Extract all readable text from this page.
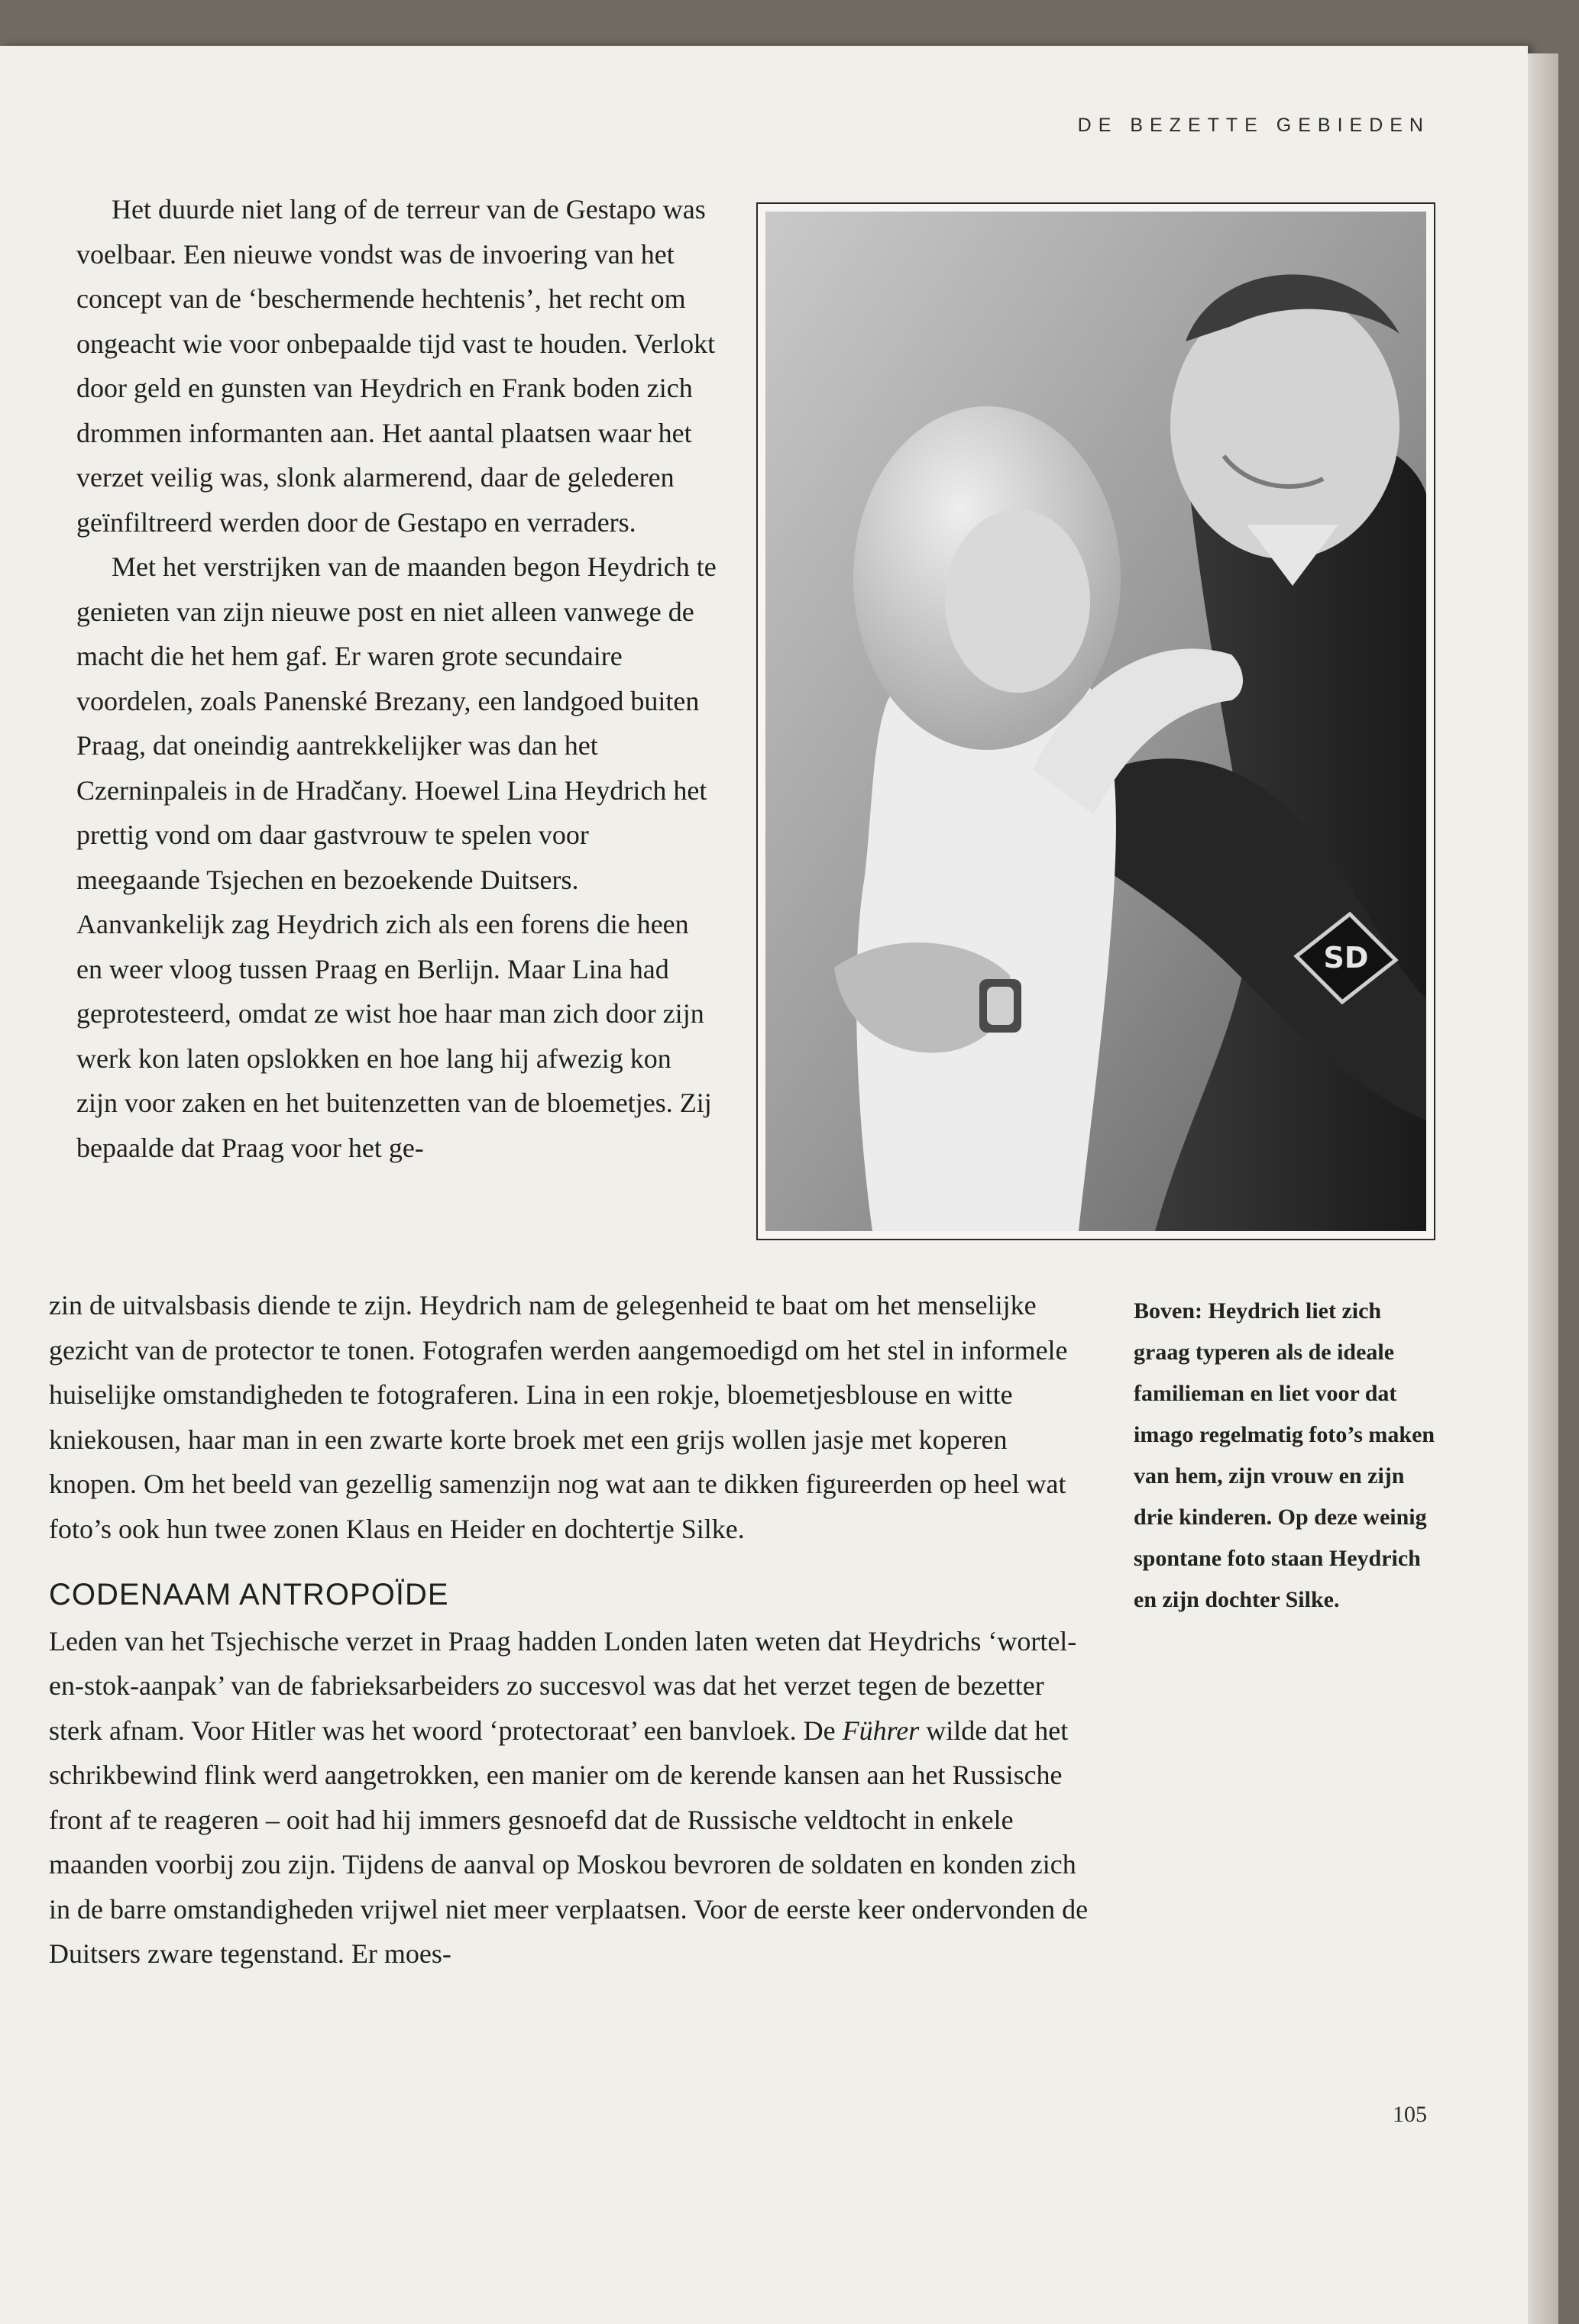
DE BEZETTE GEBIEDEN

Het duurde niet lang of de terreur van de Gestapo was voelbaar. Een nieuwe vondst was de invoering van het concept van de ‘beschermende hechtenis’, het recht om ongeacht wie voor onbepaalde tijd vast te houden. Verlokt door geld en gunsten van Heydrich en Frank boden zich drommen informanten aan. Het aantal plaatsen waar het verzet veilig was, slonk alarmerend, daar de gelederen geïnfiltreerd werden door de Gestapo en verraders.

Met het verstrijken van de maanden begon Heydrich te genieten van zijn nieuwe post en niet alleen vanwege de macht die het hem gaf. Er waren grote secundaire voordelen, zoals Panenské Brezany, een landgoed buiten Praag, dat oneindig aantrekkelijker was dan het Czerninpaleis in de Hradčany. Hoewel Lina Heydrich het prettig vond om daar gastvrouw te spelen voor meegaande Tsjechen en bezoekende Duitsers. Aanvankelijk zag Heydrich zich als een forens die heen en weer vloog tussen Praag en Berlijn. Maar Lina had geprotesteerd, omdat ze wist hoe haar man zich door zijn werk kon laten opslokken en hoe lang hij afwezig kon zijn voor zaken en het buitenzetten van de bloemetjes. Zij bepaalde dat Praag voor het ge-

SD

zin de uitvalsbasis diende te zijn. Heydrich nam de gelegenheid te baat om het menselijke gezicht van de protector te tonen. Fotografen werden aangemoedigd om het stel in informele huiselijke omstandigheden te fotograferen. Lina in een rokje, bloemetjesblouse en witte kniekousen, haar man in een zwarte korte broek met een grijs wollen jasje met koperen knopen. Om het beeld van gezellig samenzijn nog wat aan te dikken figureerden op heel wat foto’s ook hun twee zonen Klaus en Heider en dochtertje Silke.

CODENAAM ANTROPOÏDE

Leden van het Tsjechische verzet in Praag hadden Londen laten weten dat Heydrichs ‘wortel-en-stok-aanpak’ van de fabrieksarbeiders zo succesvol was dat het verzet tegen de bezetter sterk afnam. Voor Hitler was het woord ‘protectoraat’ een banvloek. De Führer wilde dat het schrikbewind flink werd aangetrokken, een manier om de kerende kansen aan het Russische front af te reageren – ooit had hij immers gesnoefd dat de Russische veldtocht in enkele maanden voorbij zou zijn. Tijdens de aanval op Moskou bevroren de soldaten en konden zich in de barre omstandigheden vrijwel niet meer verplaatsen. Voor de eerste keer ondervonden de Duitsers zware tegenstand. Er moes-

Boven: Heydrich liet zich graag typeren als de ideale familieman en liet voor dat imago regelmatig foto’s maken van hem, zijn vrouw en zijn drie kinderen. Op deze weinig spontane foto staan Heydrich en zijn dochter Silke.
105
